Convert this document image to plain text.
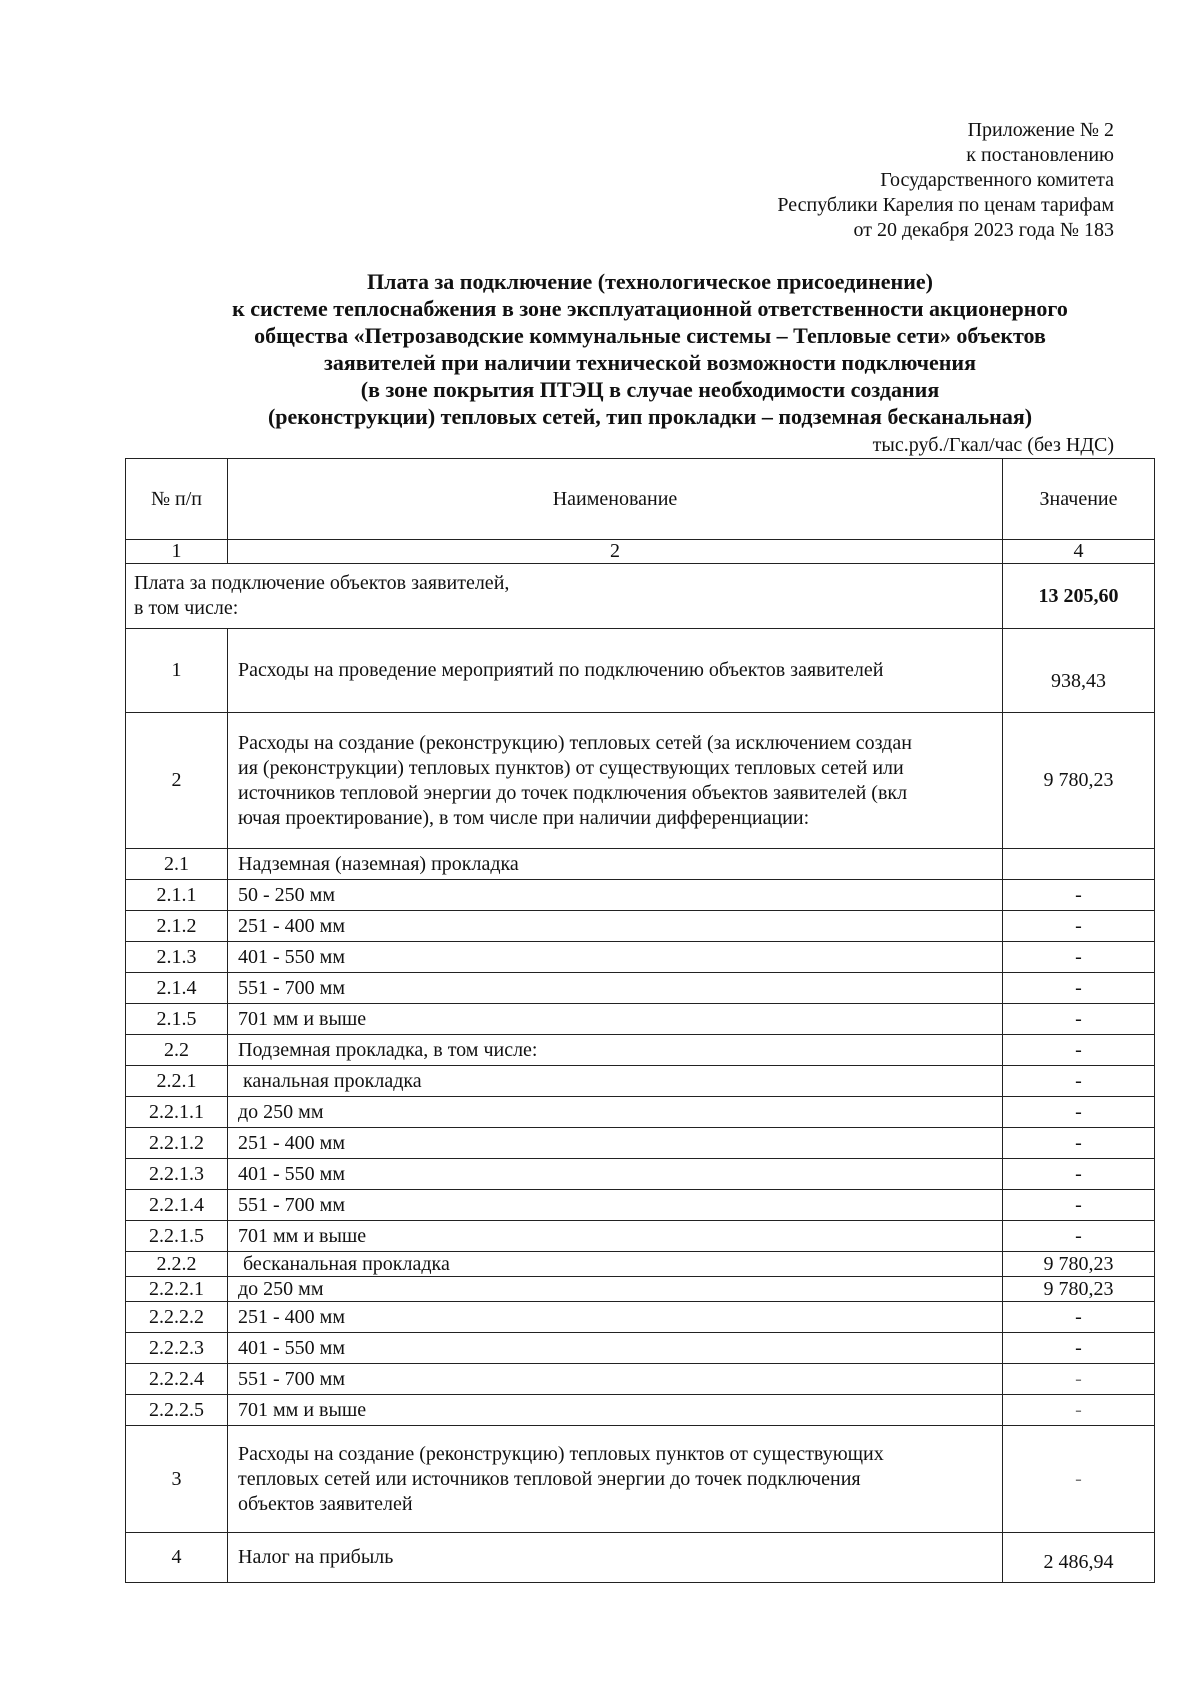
Приложение № 2
к постановлению
Государственного комитета
Республики Карелия по ценам тарифам
от 20 декабря 2023 года № 183
Плата за подключение (технологическое присоединение)
к системе теплоснабжения в зоне эксплуатационной ответственности акционерного
общества «Петрозаводские коммунальные системы – Тепловые сети» объектов
заявителей при наличии технической возможности подключения
(в зоне покрытия ПТЭЦ в случае необходимости создания
(реконструкции) тепловых сетей, тип прокладки – подземная бесканальная)
тыс.руб./Гкал/час (без НДС)
№ п/п	Наименование	Значение
1	2	4

Плата за подключение объектов заявителей,
в том числе:		13 205,60
1	Расходы на проведение мероприятий по подключению объектов заявителей	938,43
2	Расходы на создание (реконструкцию) тепловых сетей (за исключением создан
ия (реконструкции) тепловых пунктов) от существующих тепловых сетей или
источников тепловой энергии до точек подключения объектов заявителей (вкл
ючая проектирование), в том числе при наличии дифференциации:	9 780,23
2.1	Надземная (наземная) прокладка	
2.1.1	50 - 250 мм	-
2.1.2	251 - 400 мм	-
2.1.3	401 - 550 мм	-
2.1.4	551 - 700 мм	-
2.1.5	701 мм и выше	-
2.2	Подземная прокладка, в том числе:	-
2.2.1	канальная прокладка	-
2.2.1.1	до 250 мм	-
2.2.1.2	251 - 400 мм	-
2.2.1.3	401 - 550 мм	-
2.2.1.4	551 - 700 мм	-
2.2.1.5	701 мм и выше	-
2.2.2	бесканальная прокладка	9 780,23
2.2.2.1	до 250 мм	9 780,23
2.2.2.2	251 - 400 мм	-
2.2.2.3	401 - 550 мм	-
2.2.2.4	551 - 700 мм	-
2.2.2.5	701 мм и выше	-
3	Расходы на создание (реконструкцию) тепловых пунктов от существующих
тепловых сетей или источников тепловой энергии до точек подключения
объектов заявителей	-
4	Налог на прибыль	2 486,94
